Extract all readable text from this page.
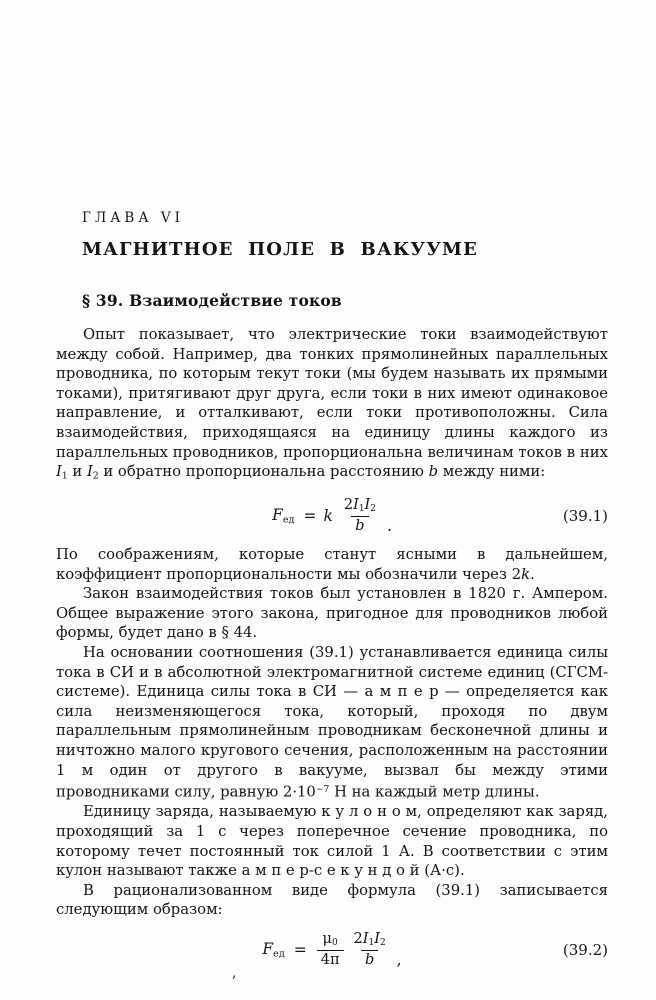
ГЛАВА VI
МАГНИТНОЕ ПОЛЕ В ВАКУУМЕ
§ 39. Взаимодействие токов

Опыт показывает, что электрические токи взаимодействуют между собой. Например, два тонких прямолинейных параллельных проводника, по которым текут токи (мы будем называть их прямыми токами), притягивают друг друга, если токи в них имеют одинаковое направление, и отталкивают, если токи противоположны. Сила взаимодействия, приходящаяся на единицу длины каждого из параллельных проводников, пропорциональна величинам токов в них I1 и I2 и обратно пропорциональна расстоянию b между ними:

Fед = k $\frac{2I1I2}{b}$ .
(39.1)

По соображениям, которые станут ясными в дальнейшем, коэффициент пропорциональности мы обозначили через 2k.

Закон взаимодействия токов был установлен в 1820 г. Ампером. Общее выражение этого закона, пригодное для проводников любой формы, будет дано в § 44.

На основании соотношения (39.1) устанавливается единица силы тока в СИ и в абсолютной электромагнитной системе единиц (СГСМ-системе). Единица силы тока в СИ — а м п е р — определяется как сила неизменяющегося тока, который, проходя по двум параллельным прямолинейным проводникам бесконечной длины и ничтожно малого кругового сечения, расположенным на расстоянии 1 м один от другого в вакууме, вызвал бы между этими проводниками силу, равную $2\cdot 10^{-7}$ Н на каждый метр длины.

Единицу заряда, называемую к у л о н о м, определяют как заряд, проходящий за 1 с через поперечное сечение проводника, по которому течет постоянный ток силой 1 А. В соответствии с этим кулон называют также а м п е р-с е к у н д о й (А·с).

В рационализованном виде формула (39.1) записывается следующим образом:

Fед = $\frac{\mu 0}{4\pi} \frac{2I1I2}{b}$ ,
(39.2)
,
